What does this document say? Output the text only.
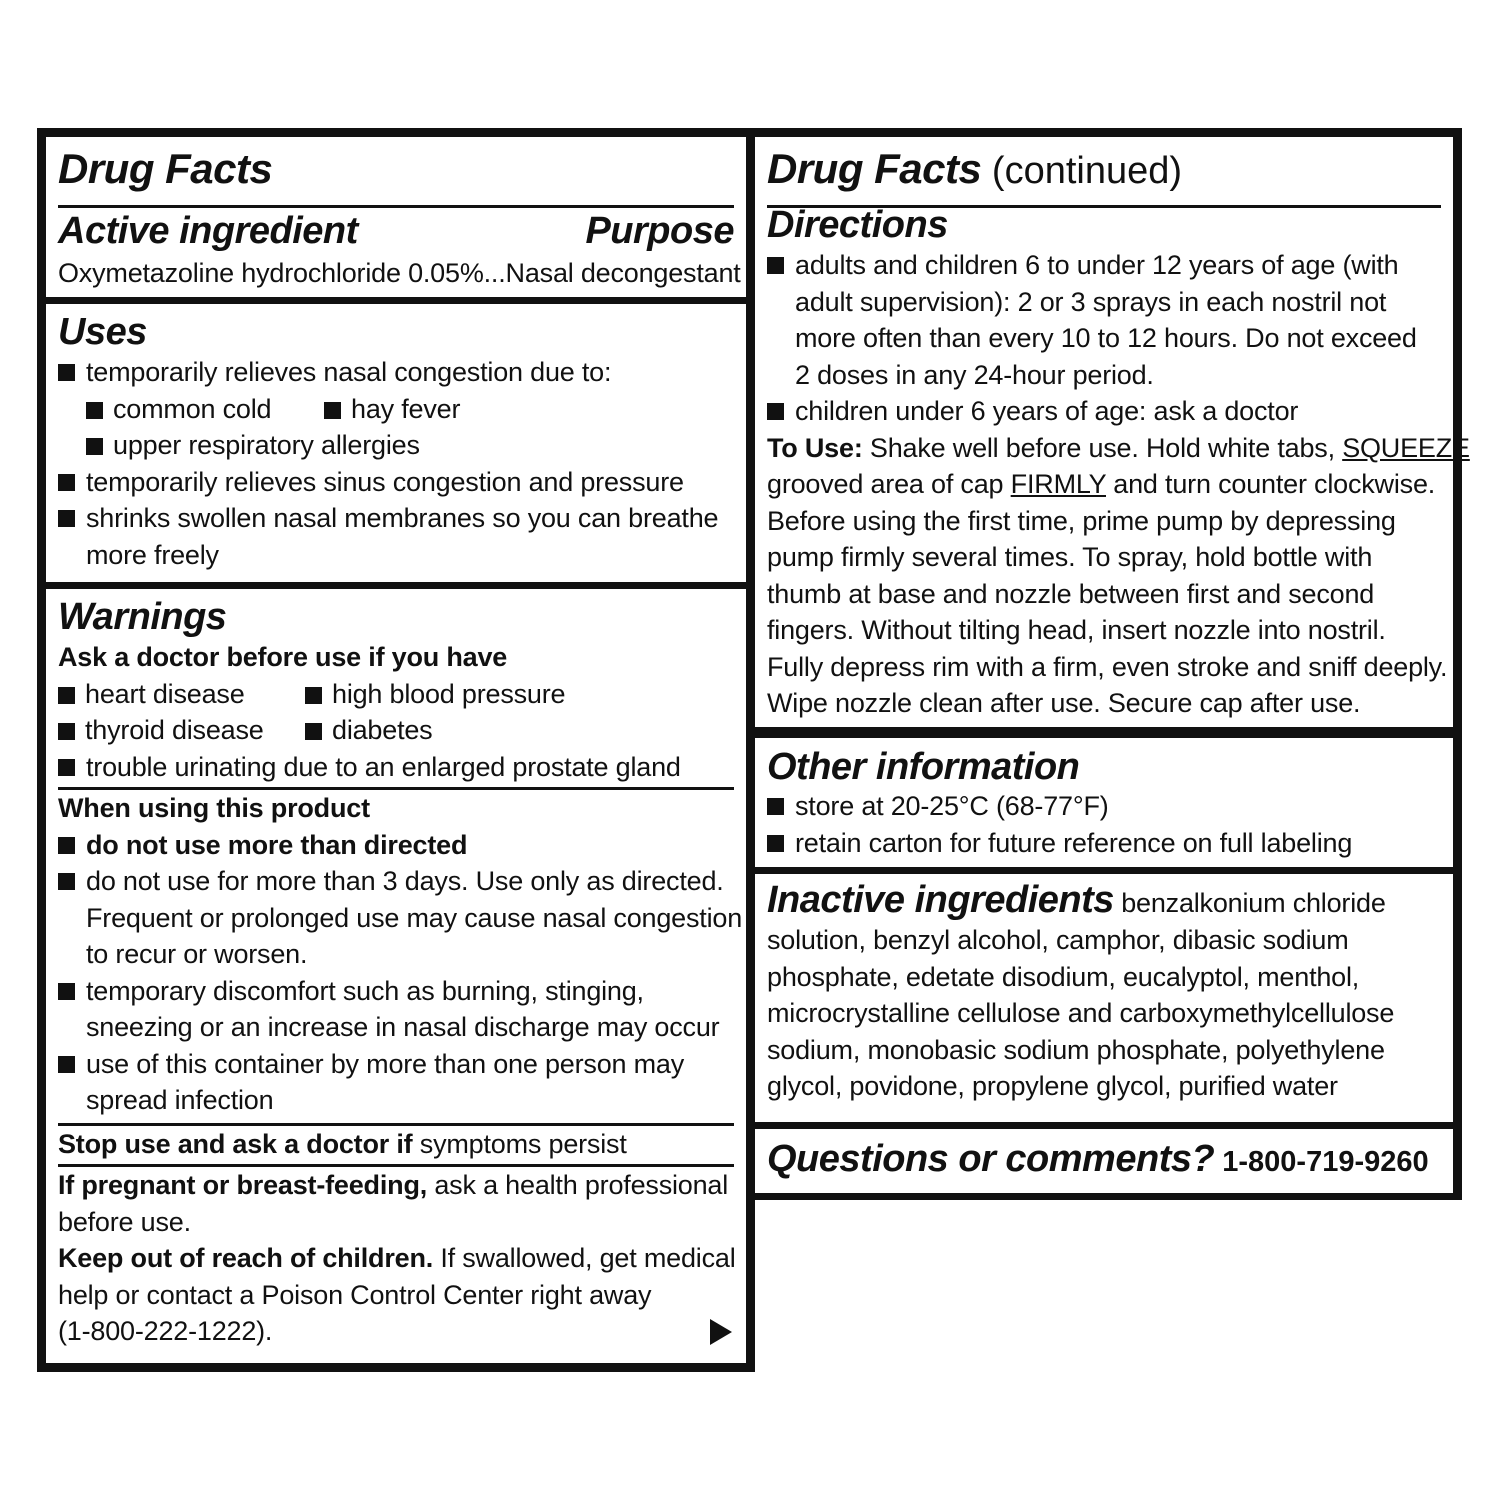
Drug Facts
Active ingredient	Purpose
Oxymetazoline hydrochloride 0.05%...Nasal decongestant
Uses
temporarily relieves nasal congestion due to:
common cold	hay fever
upper respiratory allergies
temporarily relieves sinus congestion and pressure
shrinks swollen nasal membranes so you can breathe
more freely
Warnings
Ask a doctor before use if you have
heart disease	high blood pressure
thyroid disease	diabetes
trouble urinating due to an enlarged prostate gland
When using this product
do not use more than directed
do not use for more than 3 days. Use only as directed.
Frequent or prolonged use may cause nasal congestion
to recur or worsen.
temporary discomfort such as burning, stinging,
sneezing or an increase in nasal discharge may occur
use of this container by more than one person may
spread infection
Stop use and ask a doctor if symptoms persist
If pregnant or breast-feeding, ask a health professional
before use.
Keep out of reach of children. If swallowed, get medical
help or contact a Poison Control Center right away
(1-800-222-1222).
Drug Facts (continued)
Directions
adults and children 6 to under 12 years of age (with
adult supervision): 2 or 3 sprays in each nostril not
more often than every 10 to 12 hours. Do not exceed
2 doses in any 24-hour period.
children under 6 years of age: ask a doctor
To Use: Shake well before use. Hold white tabs, SQUEEZE
grooved area of cap FIRMLY and turn counter clockwise.
Before using the first time, prime pump by depressing
pump firmly several times. To spray, hold bottle with
thumb at base and nozzle between first and second
fingers. Without tilting head, insert nozzle into nostril.
Fully depress rim with a firm, even stroke and sniff deeply.
Wipe nozzle clean after use. Secure cap after use.
Other information
store at 20-25°C (68-77°F)
retain carton for future reference on full labeling
Inactive ingredients benzalkonium chloride
solution, benzyl alcohol, camphor, dibasic sodium
phosphate, edetate disodium, eucalyptol, menthol,
microcrystalline cellulose and carboxymethylcellulose
sodium, monobasic sodium phosphate, polyethylene
glycol, povidone, propylene glycol, purified water
Questions or comments? 1-800-719-9260
